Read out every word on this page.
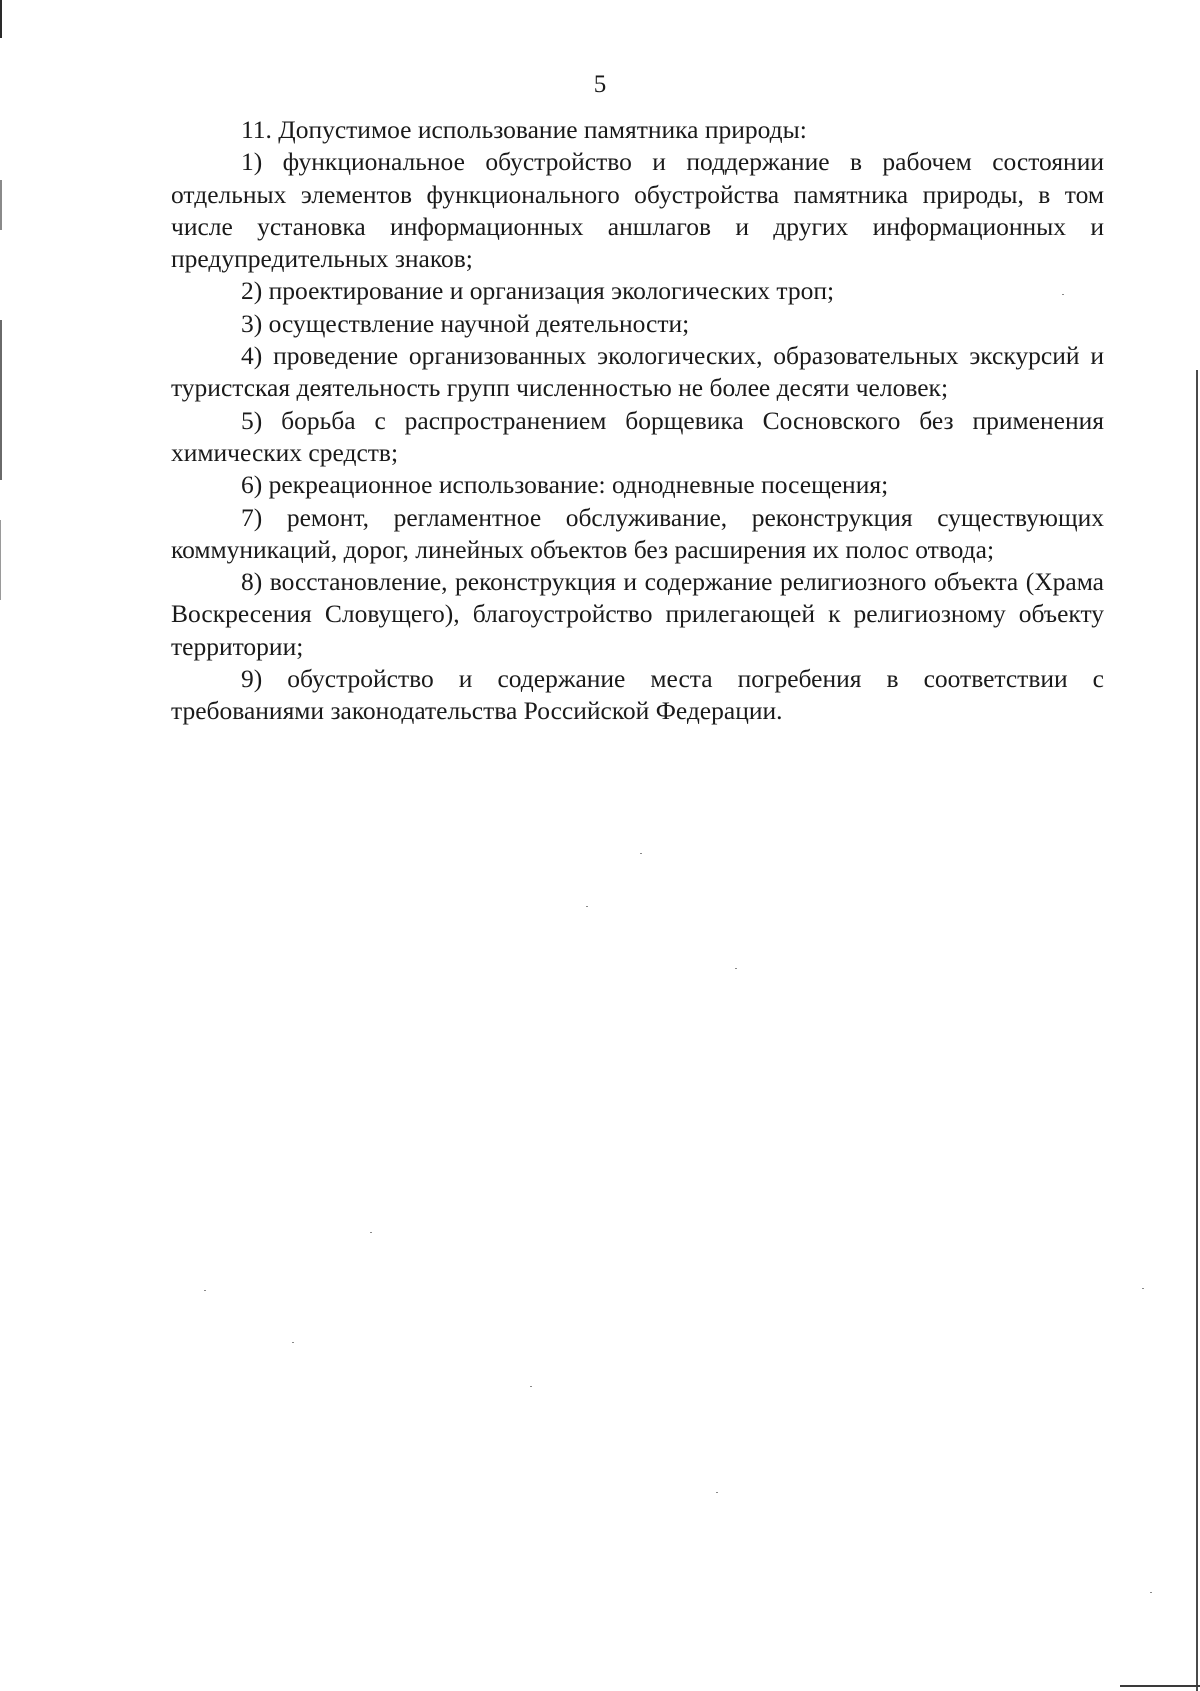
5

11. Допустимое использование памятника природы:

1) функциональное обустройство и поддержание в рабочем состоянии отдельных элементов функционального обустройства памятника природы, в том числе установка информационных аншлагов и других информационных и предупредительных знаков;

2) проектирование и организация экологических троп;

3) осуществление научной деятельности;

4) проведение организованных экологических, образовательных экскурсий и туристская деятельность групп численностью не более десяти человек;

5) борьба с распространением борщевика Сосновского без применения химических средств;

6) рекреационное использование: однодневные посещения;

7) ремонт, регламентное обслуживание, реконструкция существующих коммуникаций, дорог, линейных объектов без расширения их полос отвода;

8) восстановление, реконструкция и содержание религиозного объекта (Храма Воскресения Словущего), благоустройство прилегающей к религиозному объекту территории;

9) обустройство и содержание места погребения в соответствии с требованиями законодательства Российской Федерации.
